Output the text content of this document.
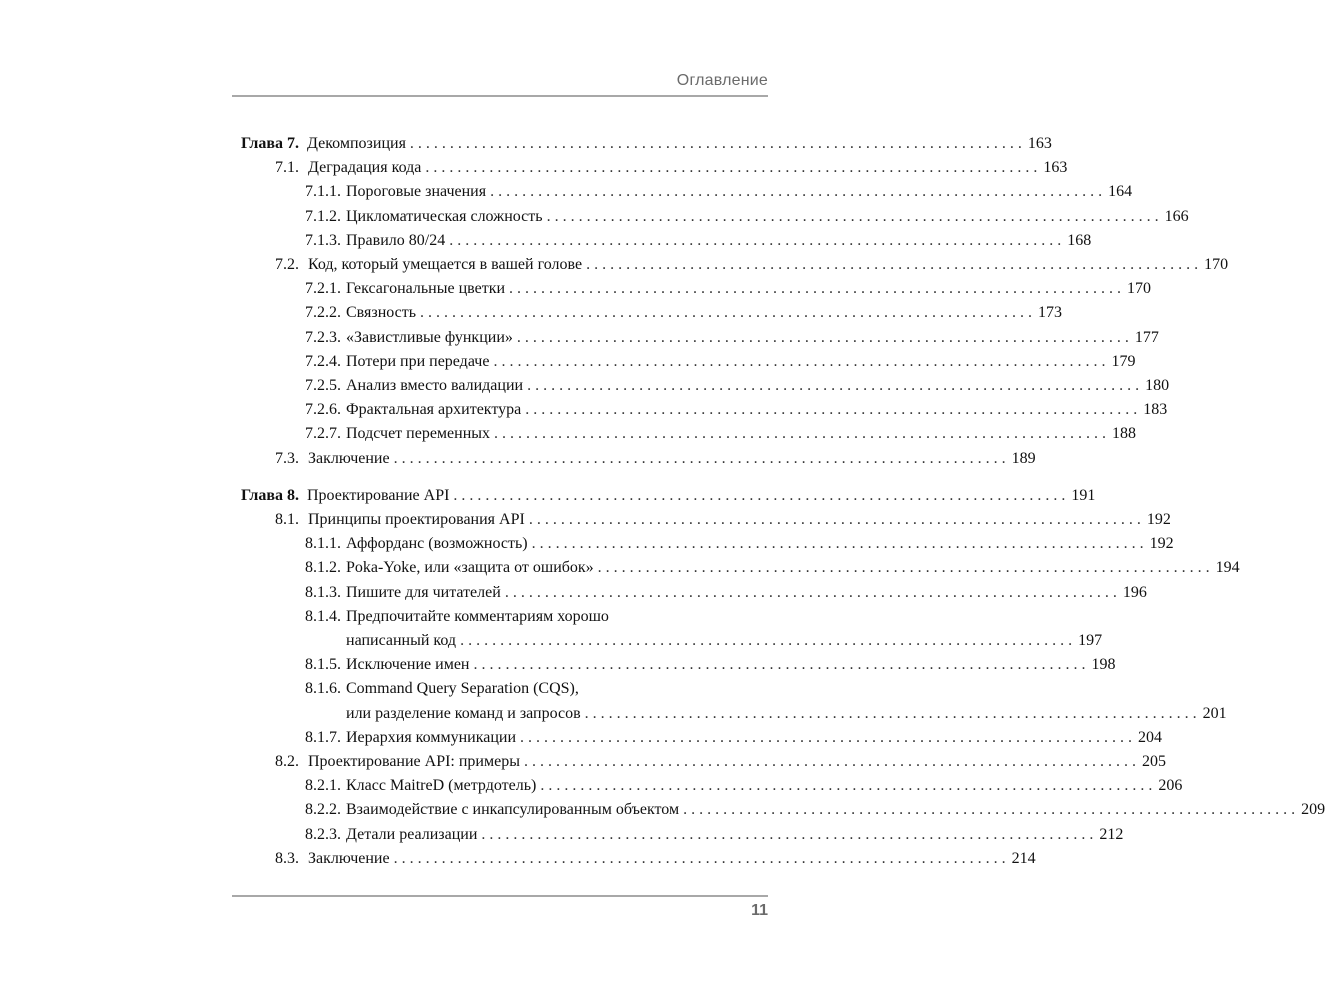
Оглавление
Глава 7. Декомпозиция . . .	163
7.1. Деградация кода . . .	163
7.1.1. Пороговые значения . . .	164
7.1.2. Цикломатическая сложность . . .	166
7.1.3. Правило 80/24 . . .	168
7.2. Код, который умещается в вашей голове . . .	170
7.2.1. Гексагональные цветки . . .	170
7.2.2. Связность . . .	173
7.2.3. «Завистливые функции» . . .	177
7.2.4. Потери при передаче . . .	179
7.2.5. Анализ вместо валидации . . .	180
7.2.6. Фрактальная архитектура . . .	183
7.2.7. Подсчет переменных . . .	188
7.3. Заключение . . .	189
Глава 8. Проектирование API . . .	191
8.1. Принципы проектирования API . . .	192
8.1.1. Аффорданс (возможность) . . .	192
8.1.2. Poka-Yoke, или «защита от ошибок» . . .	194
8.1.3. Пишите для читателей . . .	196
8.1.4. Предпочитайте комментариям хорошо
написанный код . . .	197
8.1.5. Исключение имен . . .	198
8.1.6. Command Query Separation (CQS),
или разделение команд и запросов . . .	201
8.1.7. Иерархия коммуникации . . .	204
8.2. Проектирование API: примеры . . .	205
8.2.1. Класс MaitreD (метрдотель) . . .	206
8.2.2. Взаимодействие с инкапсулированным объектом . . .	209
8.2.3. Детали реализации . . .	212
8.3. Заключение . . .	214
11
